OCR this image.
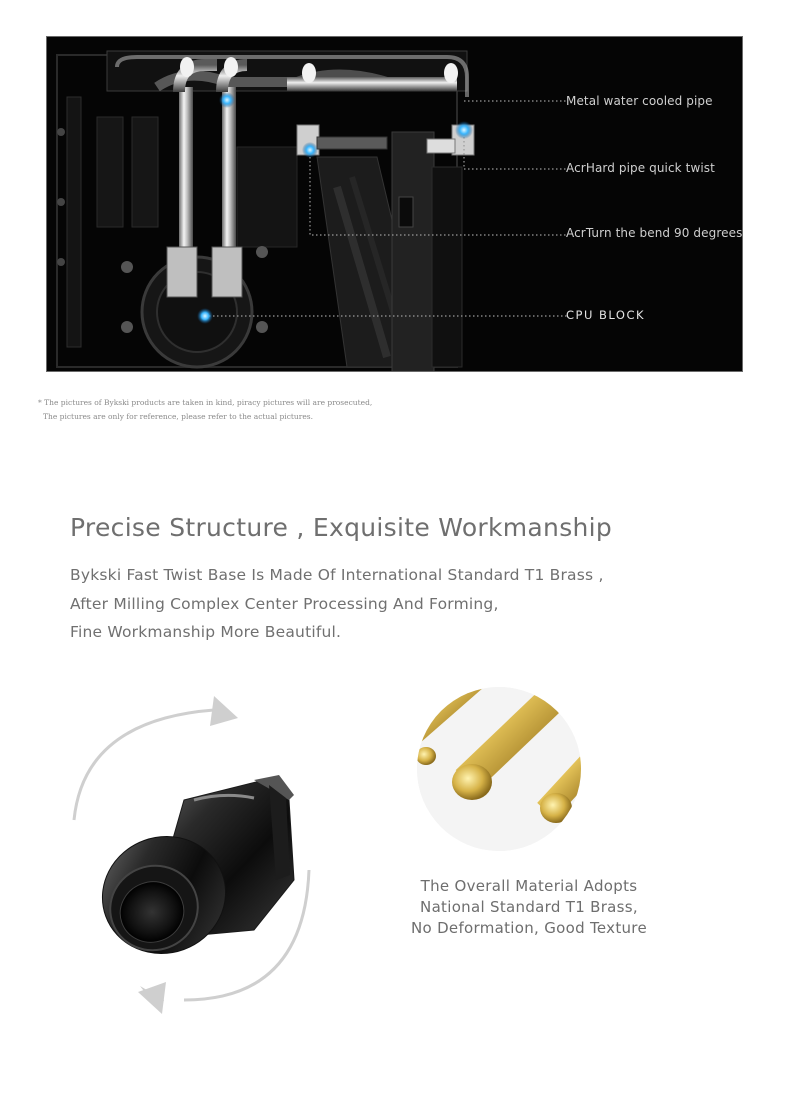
Metal water cooled pipe
AcrHard pipe quick twist
AcrTurn the bend 90 degrees
CPU BLOCK
* The pictures of Bykski products are taken in kind, piracy pictures will are prosecuted,
The pictures are only for reference, please refer to the actual pictures.
Precise Structure , Exquisite Workmanship
Bykski Fast Twist Base Is Made Of International Standard T1 Brass ,
After Milling Complex Center Processing And Forming,
Fine Workmanship More Beautiful.
The Overall Material Adopts
National Standard T1 Brass,
No Deformation, Good Texture
